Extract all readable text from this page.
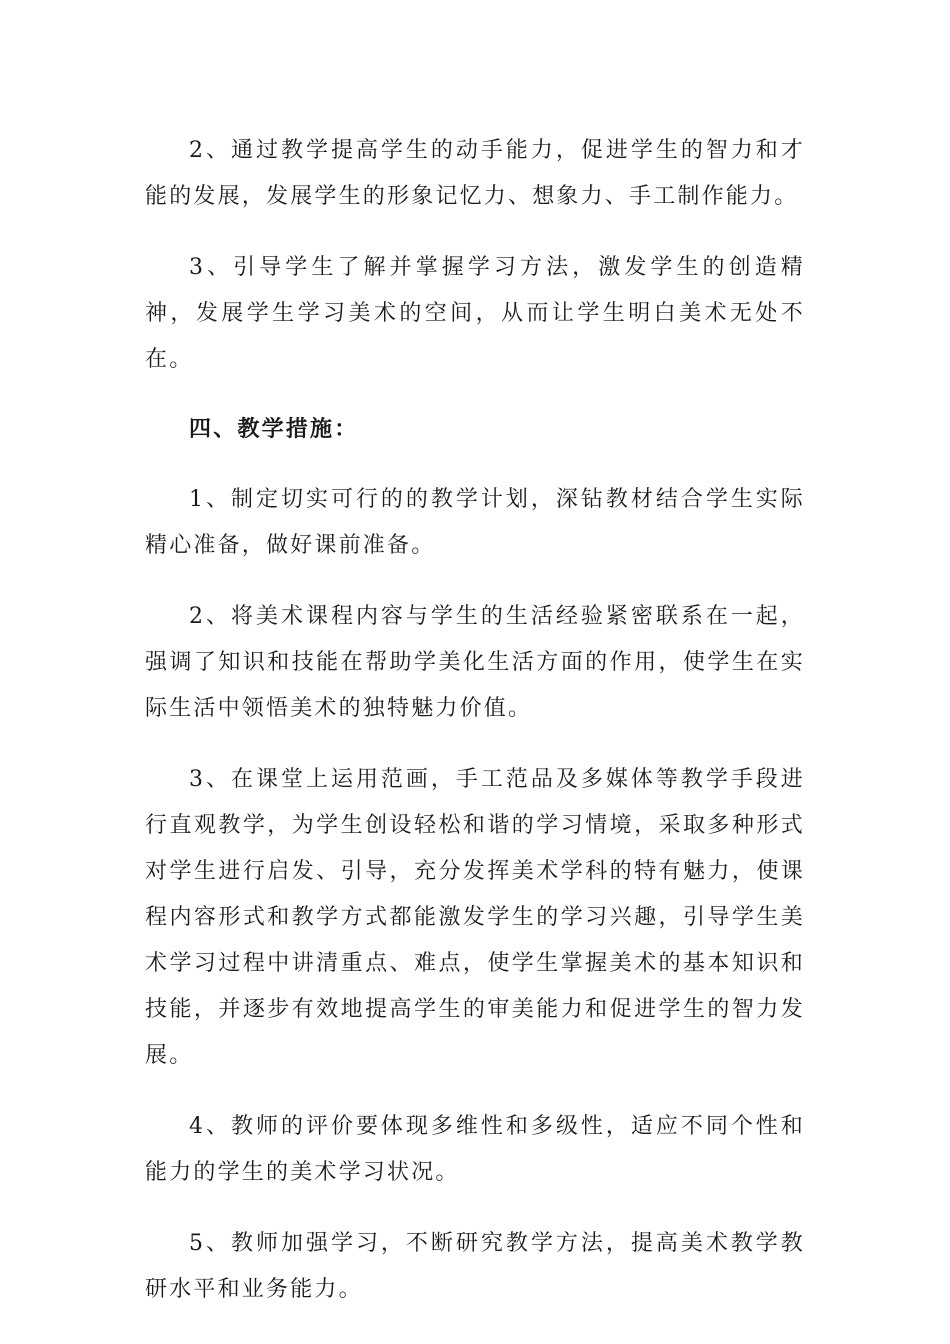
2、通过教学提高学生的动手能力，促进学生的智力和才能的发展，发展学生的形象记忆力、想象力、手工制作能力。

3、引导学生了解并掌握学习方法，激发学生的创造精神，发展学生学习美术的空间，从而让学生明白美术无处不在。

四、教学措施：

1、制定切实可行的的教学计划，深钻教材结合学生实际精心准备，做好课前准备。

2、将美术课程内容与学生的生活经验紧密联系在一起，强调了知识和技能在帮助学美化生活方面的作用，使学生在实际生活中领悟美术的独特魅力价值。

3、在课堂上运用范画，手工范品及多媒体等教学手段进行直观教学，为学生创设轻松和谐的学习情境，采取多种形式对学生进行启发、引导，充分发挥美术学科的特有魅力，使课程内容形式和教学方式都能激发学生的学习兴趣，引导学生美术学习过程中讲清重点、难点，使学生掌握美术的基本知识和技能，并逐步有效地提高学生的审美能力和促进学生的智力发展。

4、教师的评价要体现多维性和多级性，适应不同个性和能力的学生的美术学习状况。

5、教师加强学习，不断研究教学方法，提高美术教学教研水平和业务能力。
